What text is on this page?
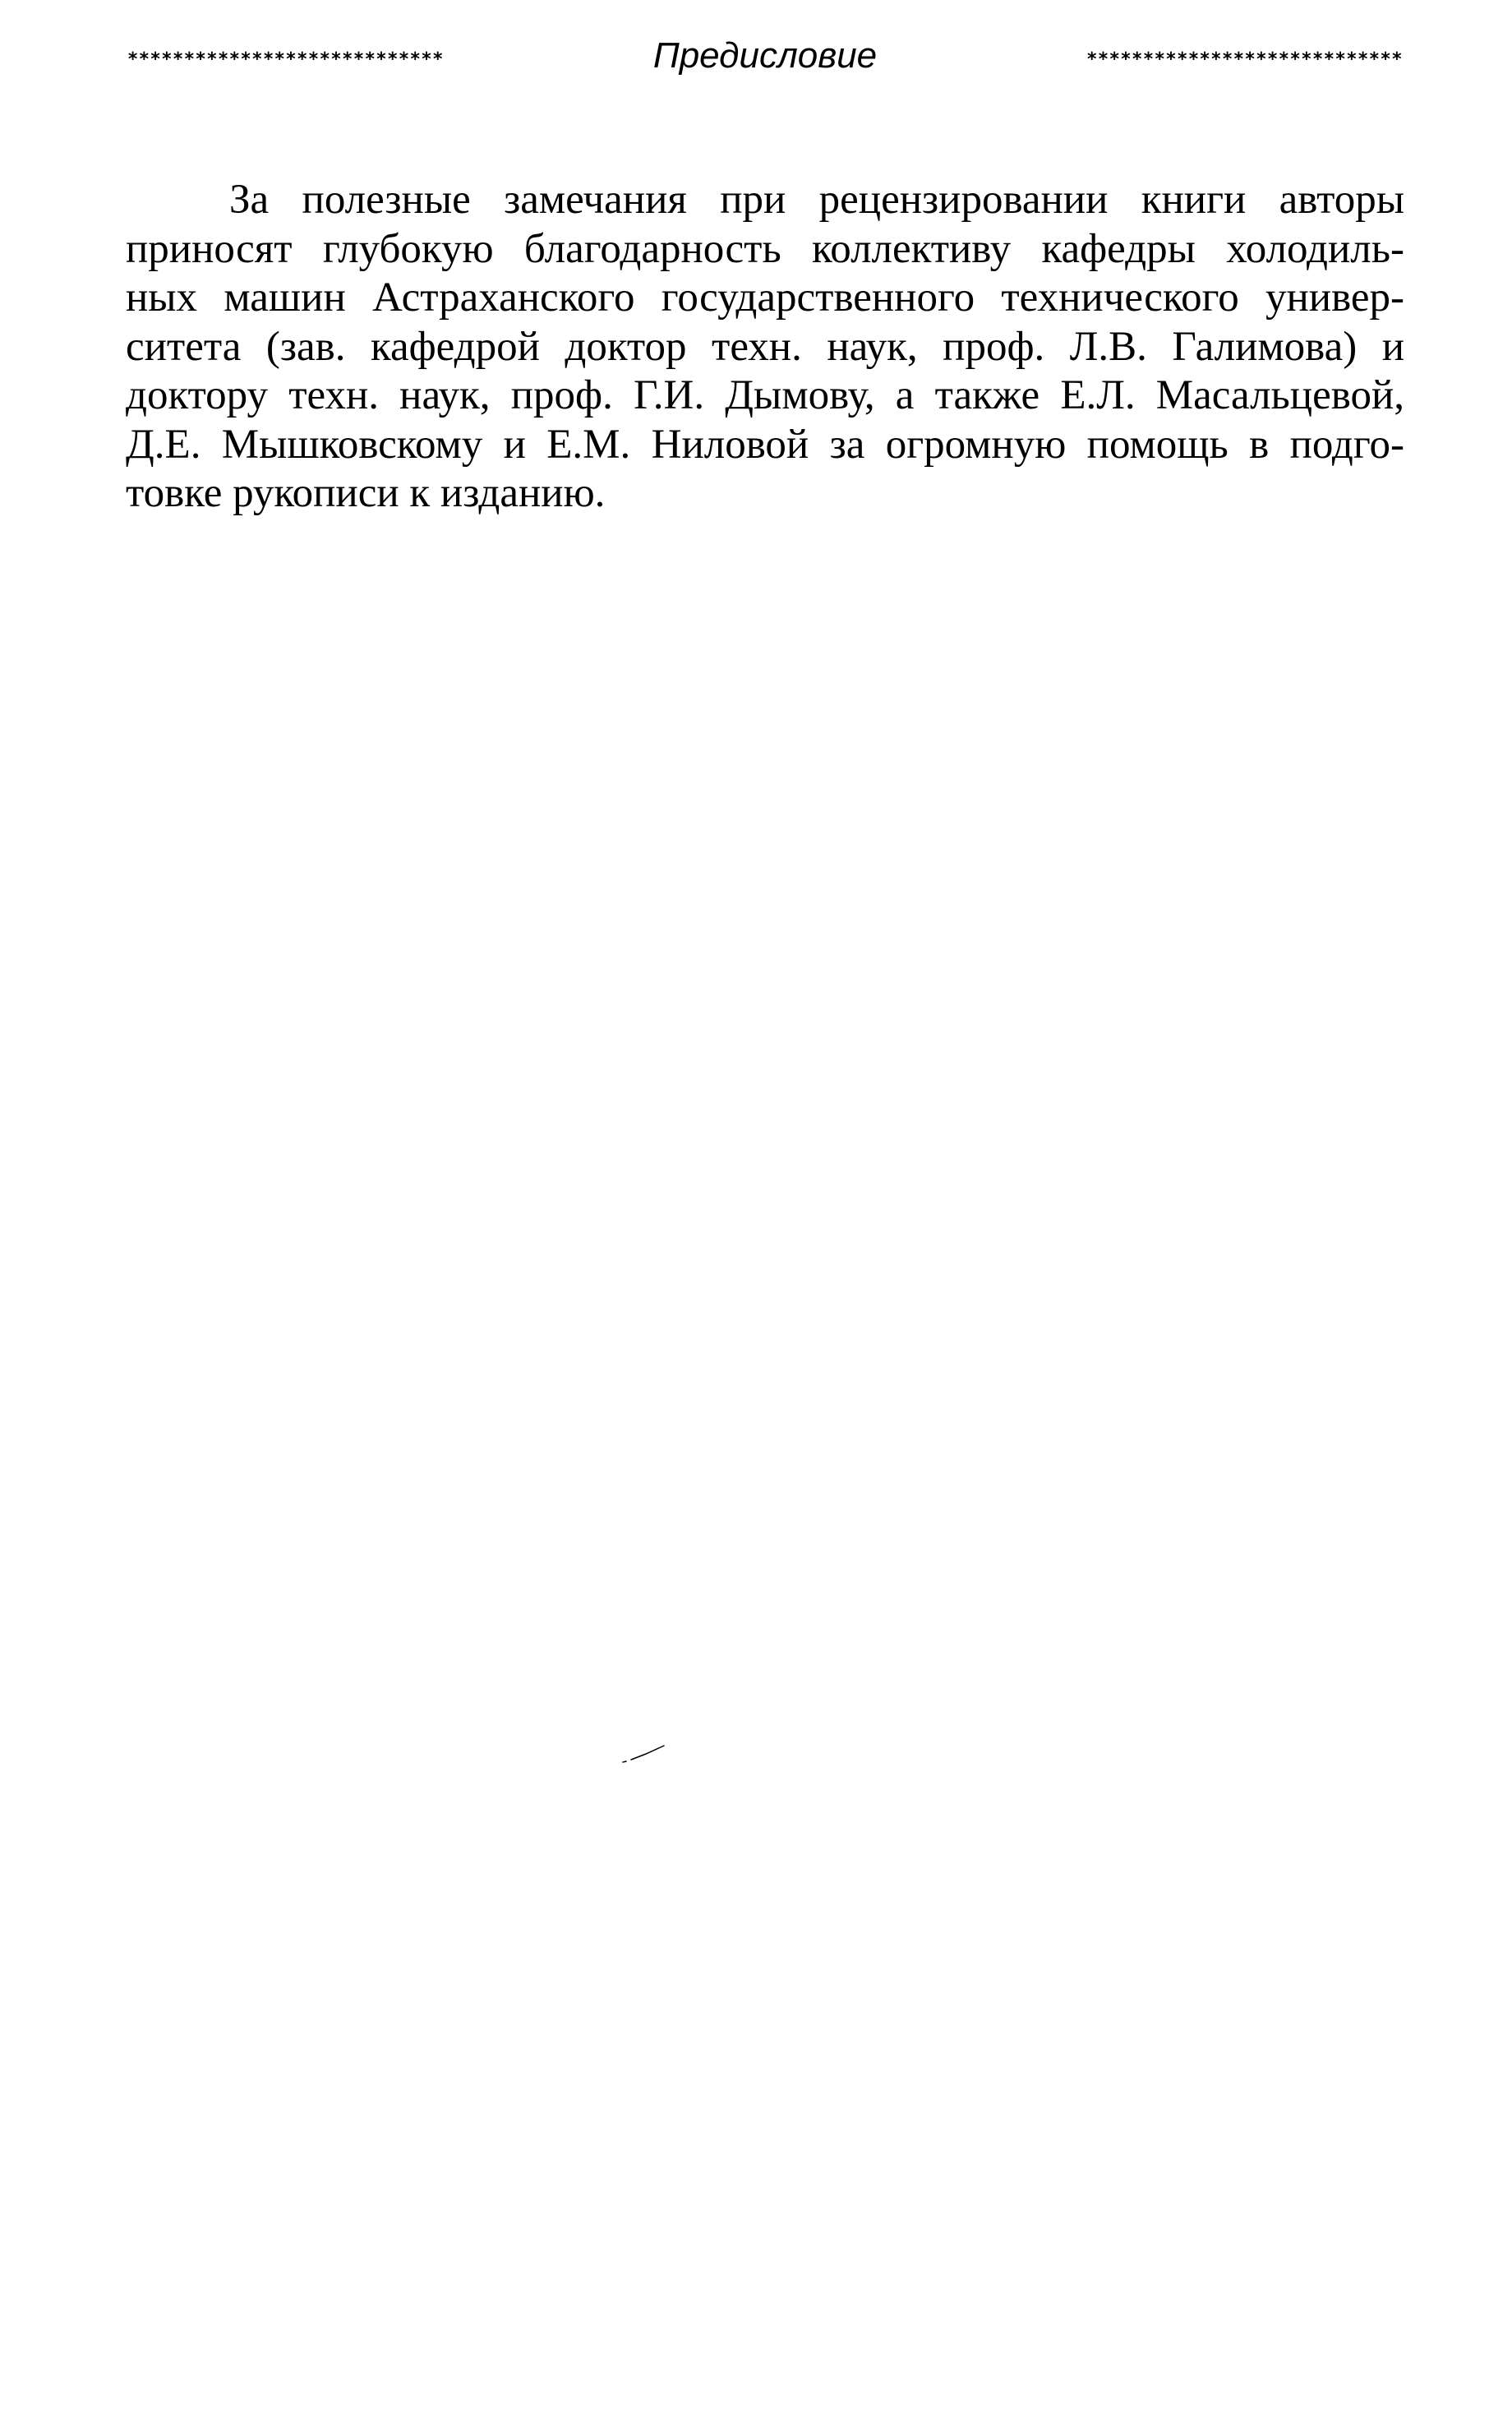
****************************	Предисловие	****************************
За полезные замечания при рецензировании книги авторы
приносят глубокую благодарность коллективу кафедры холодиль-
ных машин Астраханского государственного технического универ-
ситета (зав. кафедрой доктор техн. наук, проф. Л.В. Галимова) и
доктору техн. наук, проф. Г.И. Дымову, а также Е.Л. Масальцевой,
Д.Е. Мышковскому и Е.М. Ниловой за огромную помощь в подго-
товке рукописи к изданию.
